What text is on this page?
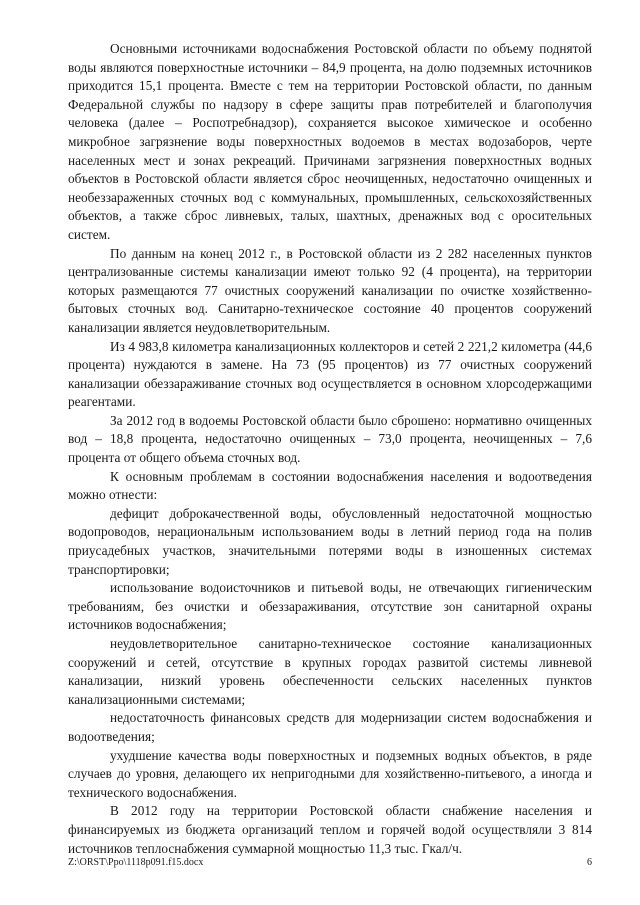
Основными источниками водоснабжения Ростовской области по объему поднятой воды являются поверхностные источники – 84,9 процента, на долю подземных источников приходится 15,1 процента. Вместе с тем на территории Ростовской области, по данным Федеральной службы по надзору в сфере защиты прав потребителей и благополучия человека (далее – Роспотребнадзор), сохраняется высокое химическое и особенно микробное загрязнение воды поверхностных водоемов в местах водозаборов, черте населенных мест и зонах рекреаций. Причинами загрязнения поверхностных водных объектов в Ростовской области является сброс неочищенных, недостаточно очищенных и необеззараженных сточных вод с коммунальных, промышленных, сельскохозяйственных объектов, а также сброс ливневых, талых, шахтных, дренажных вод с оросительных систем.

По данным на конец 2012 г., в Ростовской области из 2 282 населенных пунктов централизованные системы канализации имеют только 92 (4 процента), на территории которых размещаются 77 очистных сооружений канализации по очистке хозяйственно-бытовых сточных вод. Санитарно-техническое состояние 40 процентов сооружений канализации является неудовлетворительным.

Из 4 983,8 километра канализационных коллекторов и сетей 2 221,2 километра (44,6 процента) нуждаются в замене. На 73 (95 процентов) из 77 очистных сооружений канализации обеззараживание сточных вод осуществляется в основном хлорсодержащими реагентами.

За 2012 год в водоемы Ростовской области было сброшено: нормативно очищенных вод – 18,8 процента, недостаточно очищенных – 73,0 процента, неочищенных – 7,6 процента от общего объема сточных вод.

К основным проблемам в состоянии водоснабжения населения и водоотведения можно отнести:

дефицит доброкачественной воды, обусловленный недостаточной мощностью водопроводов, нерациональным использованием воды в летний период года на полив приусадебных участков, значительными потерями воды в изношенных системах транспортировки;

использование водоисточников и питьевой воды, не отвечающих гигиеническим требованиям, без очистки и обеззараживания, отсутствие зон санитарной охраны источников водоснабжения;

неудовлетворительное санитарно-техническое состояние канализационных сооружений и сетей, отсутствие в крупных городах развитой системы ливневой канализации, низкий уровень обеспеченности сельских населенных пунктов канализационными системами;

недостаточность финансовых средств для модернизации систем водоснабжения и водоотведения;

ухудшение качества воды поверхностных и подземных водных объектов, в ряде случаев до уровня, делающего их непригодными для хозяйственно-питьевого, а иногда и технического водоснабжения.

В 2012 году на территории Ростовской области снабжение населения и финансируемых из бюджета организаций теплом и горячей водой осуществляли 3 814 источников теплоснабжения суммарной мощностью 11,3 тыс. Гкал/ч.

Z:\ORST\Ppo\1118p091.f15.docx	6
